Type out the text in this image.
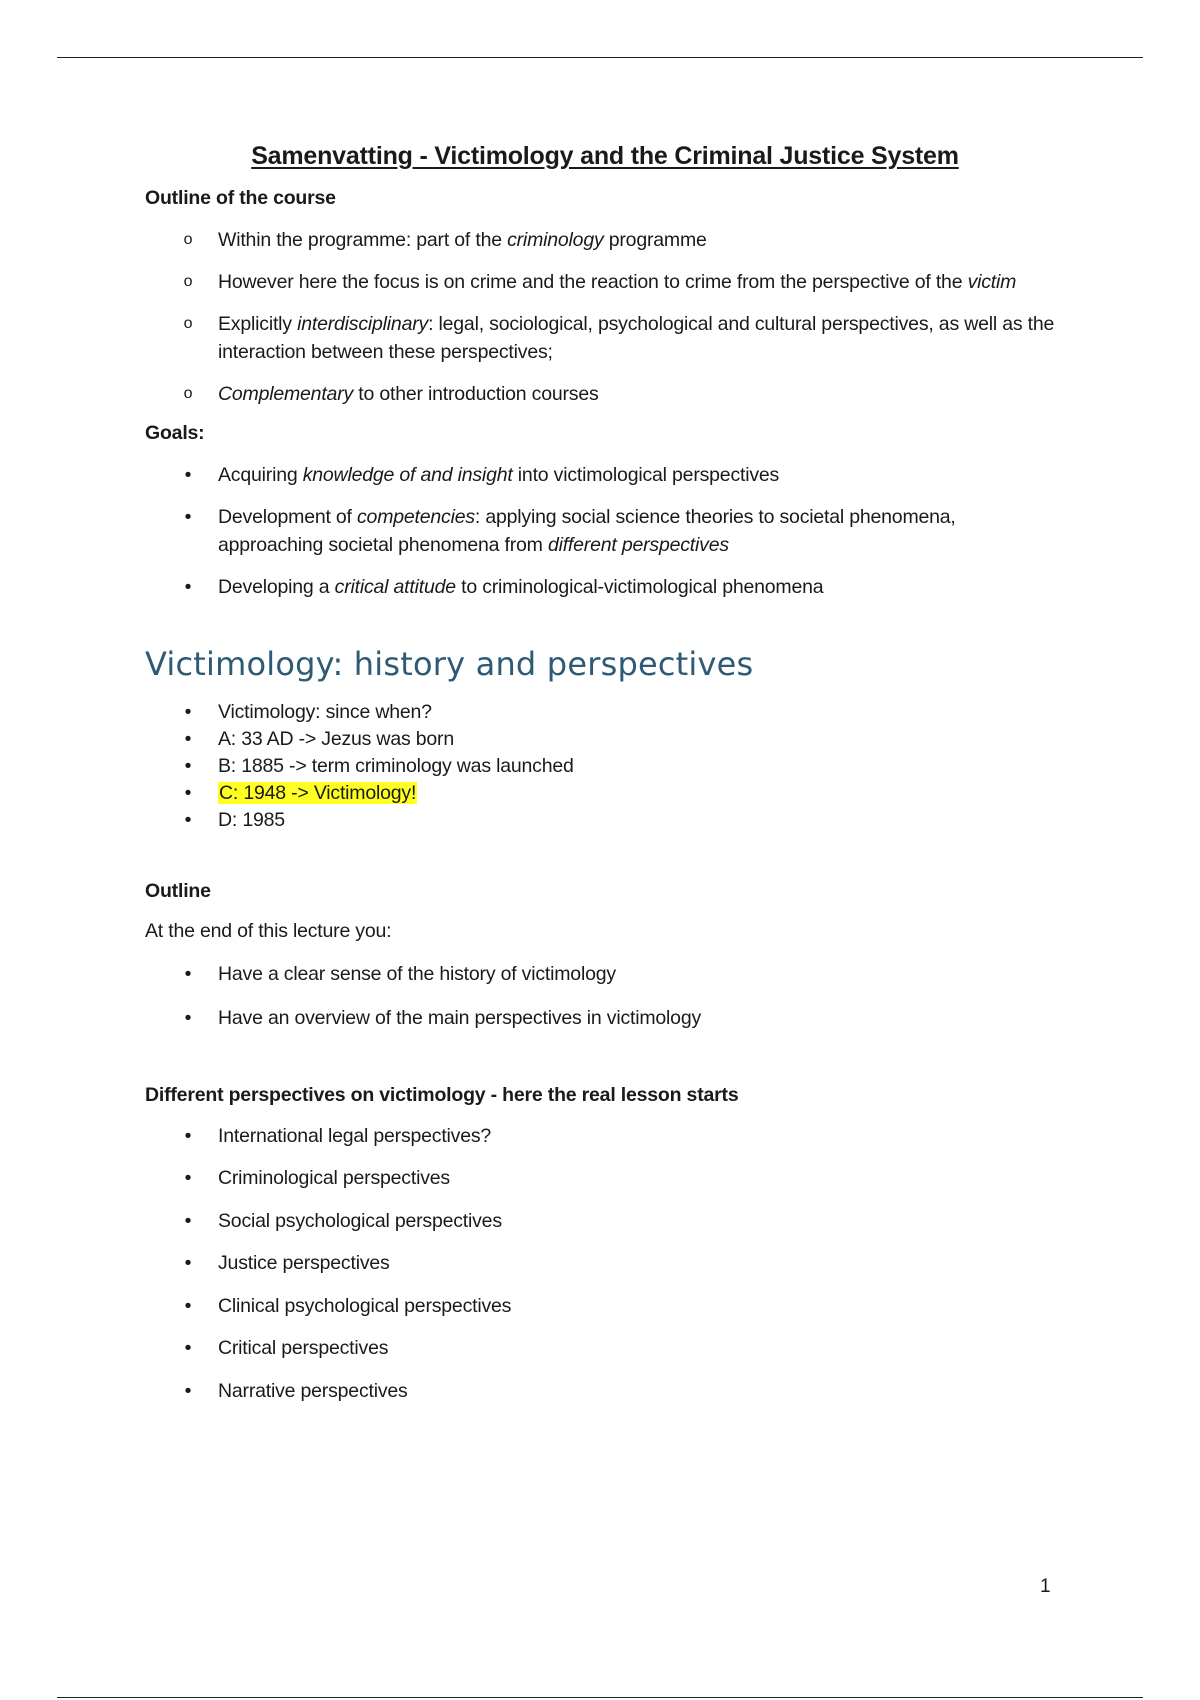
Samenvatting - Victimology and the Criminal Justice System

Outline of the course

o Within the programme: part of the criminology programme
o However here the focus is on crime and the reaction to crime from the perspective of the victim
o Explicitly interdisciplinary: legal, sociological, psychological and cultural perspectives, as well as the interaction between these perspectives;
o Complementary to other introduction courses

Goals:

• Acquiring knowledge of and insight into victimological perspectives
• Development of competencies: applying social science theories to societal phenomena, approaching societal phenomena from different perspectives
• Developing a critical attitude to criminological-victimological phenomena
Victimology: history and perspectives
• Victimology: since when?
• A: 33 AD -> Jezus was born
• B: 1885 -> term criminology was launched
• C: 1948 -> Victimology!
• D: 1985

Outline

At the end of this lecture you:

• Have a clear sense of the history of victimology
• Have an overview of the main perspectives in victimology

Different perspectives on victimology - here the real lesson starts

• International legal perspectives?
• Criminological perspectives
• Social psychological perspectives
• Justice perspectives
• Clinical psychological perspectives
• Critical perspectives
• Narrative perspectives
1
